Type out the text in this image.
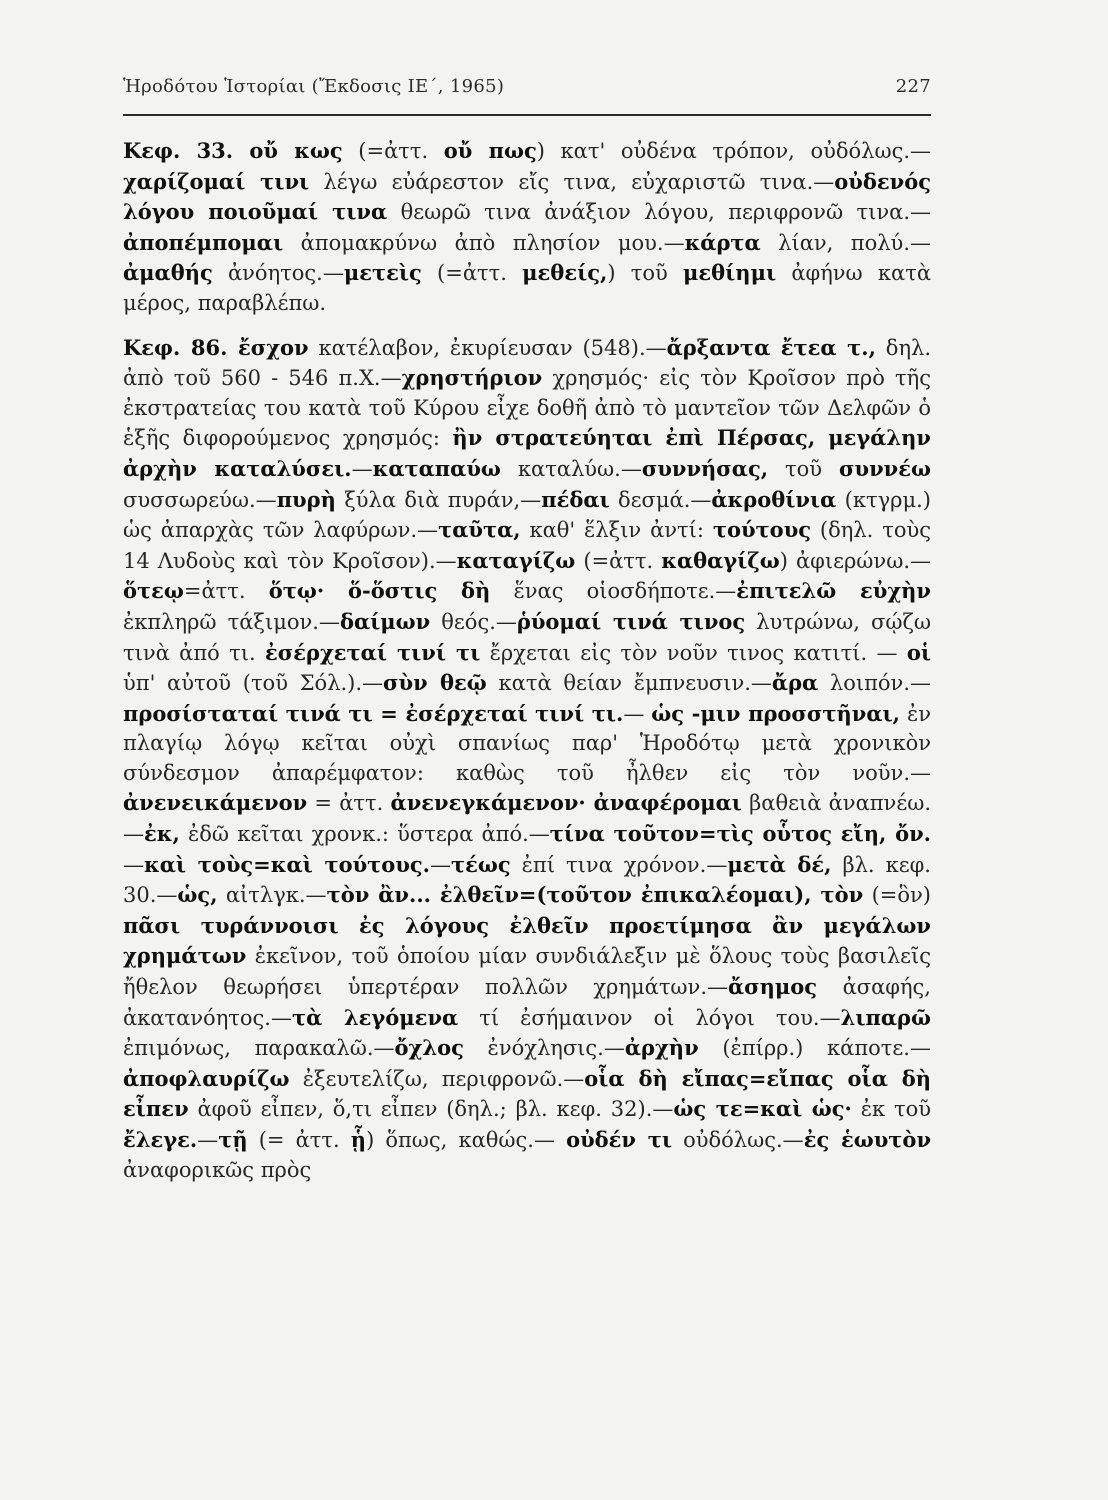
Ἡροδότου Ἱστορίαι (Ἔκδοσις ΙΕ΄, 1965)	227

Κεφ. 33. οὔ κως (=ἀττ. οὔ πως) κατ' οὐδένα τρόπον, οὐδόλως.—χαρίζομαί τινι λέγω εὐάρεστον εἴς τινα, εὐχαριστῶ τινα.—οὐδενός λόγου ποιοῦμαί τινα θεωρῶ τινα ἀνάξιον λόγου, περιφρονῶ τινα.—ἀποπέμπομαι ἀπομακρύνω ἀπὸ πλησίον μου.—κάρτα λίαν, πολύ.—ἀμαθής ἀνόητος.—μετεὶς (=ἀττ. μεθείς,) τοῦ μεθίημι ἀφήνω κατὰ μέρος, παραβλέπω.

Κεφ. 86. ἔσχον κατέλαβον, ἐκυρίευσαν (548).—ἄρξαντα ἔτεα τ., δηλ. ἀπὸ τοῦ 560 - 546 π.Χ.—χρηστήριον χρησμός· εἰς τὸν Κροῖσον πρὸ τῆς ἐκστρατείας του κατὰ τοῦ Κύρου εἶχε δοθῆ ἀπὸ τὸ μαντεῖον τῶν Δελφῶν ὁ ἑξῆς διφορούμενος χρησμός: ἢν στρατεύηται ἐπὶ Πέρσας, μεγάλην ἀρχὴν καταλύσει.—καταπαύω καταλύω.—συννήσας, τοῦ συννέω συσσωρεύω.—πυρὴ ξύλα διὰ πυράν,—πέδαι δεσμά.—ἀκροθίνια (κτγρμ.) ὡς ἀπαρχὰς τῶν λαφύρων.—ταῦτα, καθ' ἕλξιν ἀντί: τούτους (δηλ. τοὺς 14 Λυδοὺς καὶ τὸν Κροῖσον).—καταγίζω (=ἀττ. καθαγίζω) ἀφιερώνω.—ὅτεῳ=ἀττ. ὅτῳ· ὅ-ὅστις δὴ ἕνας οἱοσδήποτε.—ἐπιτελῶ εὐχὴν ἐκπληρῶ τάξιμον.—δαίμων θεός.—ῥύομαί τινά τινος λυτρώνω, σῴζω τινὰ ἀπό τι. ἐσέρχεταί τινί τι ἔρχεται εἰς τὸν νοῦν τινος κατιτί. — οἱ ὑπ' αὐτοῦ (τοῦ Σόλ.).—σὺν θεῷ κατὰ θείαν ἔμπνευσιν.—ἄρα λοιπόν.— προσίσταταί τινά τι = ἐσέρχεταί τινί τι.— ὡς -μιν προσστῆναι, ἐν πλαγίῳ λόγῳ κεῖται οὐχὶ σπανίως παρ' Ἡροδότῳ μετὰ χρονικὸν σύνδεσμον ἀπαρέμφατον: καθὼς τοῦ ἦλθεν εἰς τὸν νοῦν.—ἀνενεικάμενον = ἀττ. ἀνενεγκάμενον· ἀναφέρομαι βαθειὰ ἀναπνέω.—ἐκ, ἐδῶ κεῖται χρονκ.: ὕστερα ἀπό.—τίνα τοῦτον=τὶς οὗτος εἴη, ὄν.—καὶ τοὺς=καὶ τούτους.—τέως ἐπί τινα χρόνον.—μετὰ δέ, βλ. κεφ. 30.—ὡς, αἰτλγκ.—τὸν ἂν... ἐλθεῖν=(τοῦτον ἐπικαλέομαι), τὸν (=ὃν) πᾶσι τυράννοισι ἐς λόγους ἐλθεῖν προετίμησα ἂν μεγάλων χρημάτων ἐκεῖνον, τοῦ ὁποίου μίαν συνδιάλεξιν μὲ ὅλους τοὺς βασιλεῖς ἤθελον θεωρήσει ὑπερτέραν πολλῶν χρημάτων.—ἄσημος ἀσαφής, ἀκατανόητος.—τὰ λεγόμενα τί ἐσήμαινον οἱ λόγοι του.—λιπαρῶ ἐπιμόνως, παρακαλῶ.—ὄχλος ἐνόχλησις.—ἀρχὴν (ἐπίρρ.) κάποτε.—ἀποφλαυρίζω ἐξευτελίζω, περιφρονῶ.—οἷα δὴ εἴπας=εἴπας οἷα δὴ εἶπεν ἀφοῦ εἶπεν, ὅ,τι εἶπεν (δηλ.; βλ. κεφ. 32).—ὡς τε=καὶ ὡς· ἐκ τοῦ ἔλεγε.—τῇ (= ἀττ. ᾗ) ὅπως, καθώς.— οὐδέν τι οὐδόλως.—ἐς ἑωυτὸν ἀναφορικῶς πρὸς
